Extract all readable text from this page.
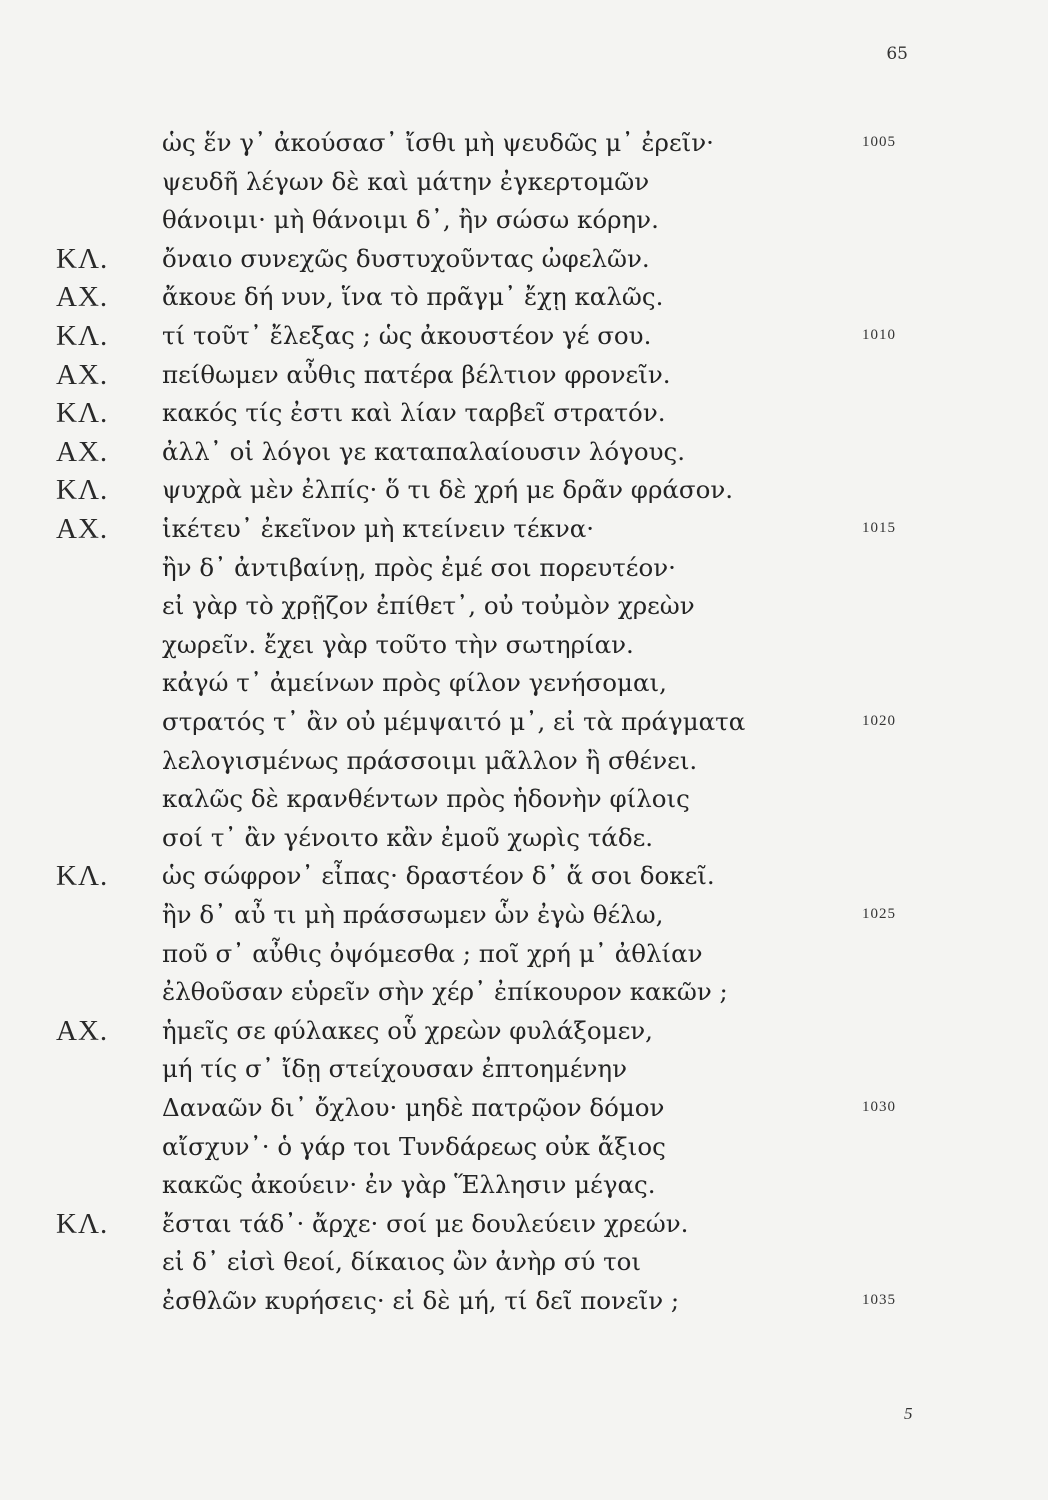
65
ὡς ἕν γ᾽ ἀκούσασ᾽ ἴσθι μὴ ψευδῶς μ᾽ ἐρεῖν·	1005
ψευδῆ λέγων δὲ καὶ μάτην ἐγκερτομῶν
θάνοιμι· μὴ θάνοιμι δ᾽, ἢν σώσω κόρην.
ΚΛ. ὄναιο συνεχῶς δυστυχοῦντας ὠφελῶν.
ΑΧ. ἄκουε δή νυν, ἵνα τὸ πρᾶγμ᾽ ἔχῃ καλῶς.
ΚΛ. τί τοῦτ᾽ ἔλεξας ; ὡς ἀκουστέον γέ σου.	1010
ΑΧ. πείθωμεν αὖθις πατέρα βέλτιον φρονεῖν.
ΚΛ. κακός τίς ἐστι καὶ λίαν ταρβεῖ στρατόν.
ΑΧ. ἀλλ᾽ οἱ λόγοι γε καταπαλαίουσιν λόγους.
ΚΛ. ψυχρὰ μὲν ἐλπίς· ὅ τι δὲ χρή με δρᾶν φράσον.
ΑΧ. ἱκέτευ᾽ ἐκεῖνον μὴ κτείνειν τέκνα·	1015
ἢν δ᾽ ἀντιβαίνῃ, πρὸς ἐμέ σοι πορευτέον·
εἰ γὰρ τὸ χρῇζον ἐπίθετ᾽, οὐ τοὐμὸν χρεὼν
χωρεῖν. ἔχει γὰρ τοῦτο τὴν σωτηρίαν.
κἀγώ τ᾽ ἀμείνων πρὸς φίλον γενήσομαι,
στρατός τ᾽ ἂν οὐ μέμψαιτό μ᾽, εἰ τὰ πράγματα	1020
λελογισμένως πράσσοιμι μᾶλλον ἢ σθένει.
καλῶς δὲ κρανθέντων πρὸς ἡδονὴν φίλοις
σοί τ᾽ ἂν γένοιτο κἂν ἐμοῦ χωρὶς τάδε.
ΚΛ. ὡς σώφρον᾽ εἶπας· δραστέον δ᾽ ἅ σοι δοκεῖ.
ἢν δ᾽ αὖ τι μὴ πράσσωμεν ὧν ἐγὼ θέλω,	1025
ποῦ σ᾽ αὖθις ὀψόμεσθα ; ποῖ χρή μ᾽ ἀθλίαν
ἐλθοῦσαν εὑρεῖν σὴν χέρ᾽ ἐπίκουρον κακῶν ;
ΑΧ. ἡμεῖς σε φύλακες οὗ χρεὼν φυλάξομεν,
μή τίς σ᾽ ἴδῃ στείχουσαν ἐπτοημένην
Δαναῶν δι᾽ ὄχλου· μηδὲ πατρῷον δόμον	1030
αἴσχυν᾽· ὁ γάρ τοι Τυνδάρεως οὐκ ἄξιος
κακῶς ἀκούειν· ἐν γὰρ Ἕλλησιν μέγας.
ΚΛ. ἔσται τάδ᾽· ἄρχε· σοί με δουλεύειν χρεών.
εἰ δ᾽ εἰσὶ θεοί, δίκαιος ὢν ἀνὴρ σύ τοι
ἐσθλῶν κυρήσεις· εἰ δὲ μή, τί δεῖ πονεῖν ;	1035
5
